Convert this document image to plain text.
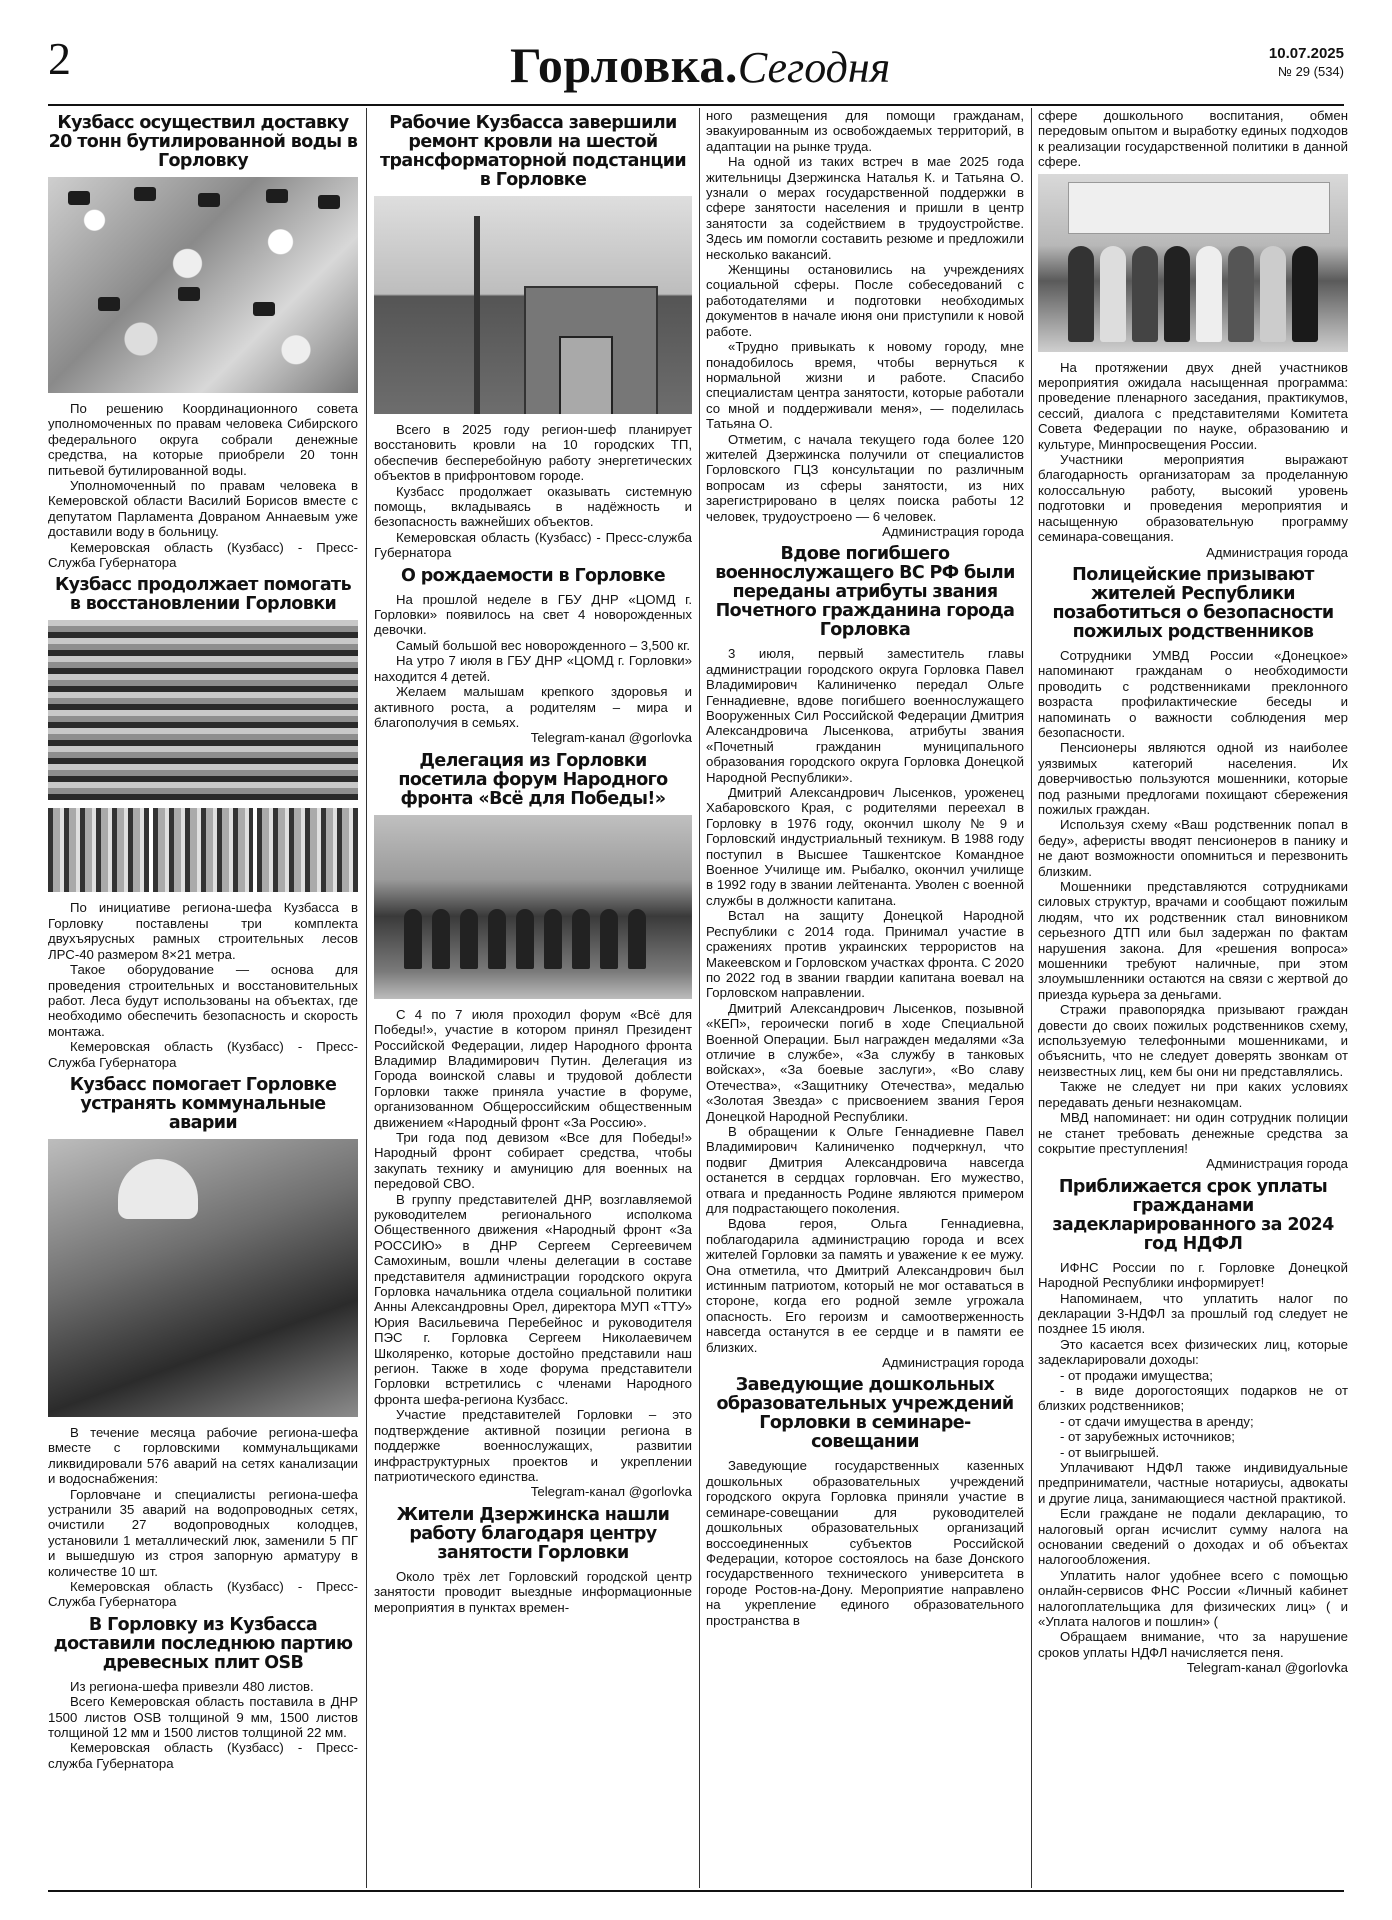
2	Горловка.Сегодня	10.07.2025
№ 29 (534)
Кузбасс осуществил доставку 20 тонн бутилированной воды в Горловку

По решению Координационного совета уполномоченных по правам человека Сибирского федерального округа собрали денежные средства, на которые приобрели 20 тонн питьевой бутилированной воды.

Уполномоченный по правам человека в Кемеровской области Василий Борисов вместе с депутатом Парламента Довраном Аннаевым уже доставили воду в больницу.

Кемеровская область (Кузбасс) - Пресс-Служба Губернатора

Кузбасс продолжает помогать в восстановлении Горловки

По инициативе региона-шефа Кузбасса в Горловку поставлены три комплекта двухъярусных рамных строительных лесов ЛРС-40 размером 8×21 метра.

Такое оборудование — основа для проведения строительных и восстановительных работ. Леса будут использованы на объектах, где необходимо обеспечить безопасность и скорость монтажа.

Кемеровская область (Кузбасс) - Пресс-Служба Губернатора

Кузбасс помогает Горловке устранять коммунальные аварии

В течение месяца рабочие региона-шефа вместе с горловскими коммунальщиками ликвидировали 576 аварий на сетях канализации и водоснабжения:

Горловчане и специалисты региона-шефа устранили 35 аварий на водопроводных сетях, очистили 27 водопроводных колодцев, установили 1 металлический люк, заменили 5 ПГ и вышедшую из строя запорную арматуру в количестве 10 шт.

Кемеровская область (Кузбасс) - Пресс-Служба Губернатора

В Горловку из Кузбасса доставили последнюю партию древесных плит OSB

Из региона-шефа привезли 480 листов.

Всего Кемеровская область поставила в ДНР 1500 листов OSB толщиной 9 мм, 1500 листов толщиной 12 мм и 1500 листов толщиной 22 мм.

Кемеровская область (Кузбасс) - Пресс-служба Губернатора

Рабочие Кузбасса завершили ремонт кровли на шестой трансформаторной подстанции в Горловке

Всего в 2025 году регион-шеф планирует восстановить кровли на 10 городских ТП, обеспечив бесперебойную работу энергетических объектов в прифронтовом городе.

Кузбасс продолжает оказывать системную помощь, вкладываясь в надёжность и безопасность важнейших объектов.

Кемеровская область (Кузбасс) - Пресс-служба Губернатора

О рождаемости в Горловке

На прошлой неделе в ГБУ ДНР «ЦОМД г. Горловки» появилось на свет 4 новорожденных девочки.

Самый большой вес новорожденного – 3,500 кг.

На утро 7 июля в ГБУ ДНР «ЦОМД г. Горловки» находится 4 детей.

Желаем малышам крепкого здоровья и активного роста, а родителям – мира и благополучия в семьях.

Telegram-канал @gorlovka

Делегация из Горловки посетила форум Народного фронта «Всё для Победы!»

С 4 по 7 июля проходил форум «Всё для Победы!», участие в котором принял Президент Российской Федерации, лидер Народного фронта Владимир Владимирович Путин. Делегация из Города воинской славы и трудовой доблести Горловки также приняла участие в форуме, организованном Общероссийским общественным движением «Народный фронт «За Россию».

Три года под девизом «Все для Победы!» Народный фронт собирает средства, чтобы закупать технику и амуницию для военных на передовой СВО.

В группу представителей ДНР, возглавляемой руководителем регионального исполкома Общественного движения «Народный фронт «За РОССИЮ» в ДНР Сергеем Сергеевичем Самохиным, вошли члены делегации в составе представителя администрации городского округа Горловка начальника отдела социальной политики Анны Александровны Орел, директора МУП «ТТУ» Юрия Васильевича Перебейнос и руководителя ПЭС г. Горловка Сергеем Николаевичем Школяренко, которые достойно представили наш регион. Также в ходе форума представители Горловки встретились с членами Народного фронта шефа-региона Кузбасс.

Участие представителей Горловки – это подтверждение активной позиции региона в поддержке военнослужащих, развитии инфраструктурных проектов и укреплении патриотического единства.

Telegram-канал @gorlovka

Жители Дзержинска нашли работу благодаря центру занятости Горловки

Около трёх лет Горловский городской центр занятости проводит выездные информационные мероприятия в пунктах времен-

ного размещения для помощи гражданам, эвакуированным из освобождаемых территорий, в адаптации на рынке труда.

На одной из таких встреч в мае 2025 года жительницы Дзержинска Наталья К. и Татьяна О. узнали о мерах государственной поддержки в сфере занятости населения и пришли в центр занятости за содействием в трудоустройстве. Здесь им помогли составить резюме и предложили несколько вакансий.

Женщины остановились на учреждениях социальной сферы. После собеседований с работодателями и подготовки необходимых документов в начале июня они приступили к новой работе.

«Трудно привыкать к новому городу, мне понадобилось время, чтобы вернуться к нормальной жизни и работе. Спасибо специалистам центра занятости, которые работали со мной и поддерживали меня», — поделилась Татьяна О.

Отметим, с начала текущего года более 120 жителей Дзержинска получили от специалистов Горловского ГЦЗ консультации по различным вопросам из сферы занятости, из них зарегистрировано в целях поиска работы 12 человек, трудоустроено — 6 человек.

Администрация города

Вдове погибшего военнослужащего ВС РФ были переданы атрибуты звания Почетного гражданина города Горловка

3 июля, первый заместитель главы администрации городского округа Горловка Павел Владимирович Калиниченко передал Ольге Геннадиевне, вдове погибшего военнослужащего Вооруженных Сил Российской Федерации Дмитрия Александровича Лысенкова, атрибуты звания «Почетный гражданин муниципального образования городского округа Горловка Донецкой Народной Республики».

Дмитрий Александрович Лысенков, уроженец Хабаровского Края, с родителями переехал в Горловку в 1976 году, окончил школу № 9 и Горловский индустриальный техникум. В 1988 году поступил в Высшее Ташкентское Командное Военное Училище им. Рыбалко, окончил училище в 1992 году в звании лейтенанта. Уволен с военной службы в должности капитана.

Встал на защиту Донецкой Народной Республики с 2014 года. Принимал участие в сражениях против украинских террористов на Макеевском и Горловском участках фронта. С 2020 по 2022 год в звании гвардии капитана воевал на Горловском направлении.

Дмитрий Александрович Лысенков, позывной «КЕП», героически погиб в ходе Специальной Военной Операции. Был награжден медалями «За отличие в службе», «За службу в танковых войсках», «За боевые заслуги», «Во славу Отечества», «Защитнику Отечества», медалью «Золотая Звезда» с присвоением звания Героя Донецкой Народной Республики.

В обращении к Ольге Геннадиевне Павел Владимирович Калиниченко подчеркнул, что подвиг Дмитрия Александровича навсегда останется в сердцах горловчан. Его мужество, отвага и преданность Родине являются примером для подрастающего поколения.

Вдова героя, Ольга Геннадиевна, поблагодарила администрацию города и всех жителей Горловки за память и уважение к ее мужу. Она отметила, что Дмитрий Александрович был истинным патриотом, который не мог оставаться в стороне, когда его родной земле угрожала опасность. Его героизм и самоотверженность навсегда останутся в ее сердце и в памяти ее близких.

Администрация города

Заведующие дошкольных образовательных учреждений Горловки в семинаре-совещании

Заведующие государственных казенных дошкольных образовательных учреждений городского округа Горловка приняли участие в семинаре-совещании для руководителей дошкольных образовательных организаций воссоединенных субъектов Российской Федерации, которое состоялось на базе Донского государственного технического университета в городе Ростов-на-Дону. Мероприятие направлено на укрепление единого образовательного пространства в

сфере дошкольного воспитания, обмен передовым опытом и выработку единых подходов к реализации государственной политики в данной сфере.

На протяжении двух дней участников мероприятия ожидала насыщенная программа: проведение пленарного заседания, практикумов, сессий, диалога с представителями Комитета Совета Федерации по науке, образованию и культуре, Минпросвещения России.

Участники мероприятия выражают благодарность организаторам за проделанную колоссальную работу, высокий уровень подготовки и проведения мероприятия и насыщенную образовательную программу семинара-совещания.

Администрация города

Полицейские призывают жителей Республики позаботиться о безопасности пожилых родственников

Сотрудники УМВД России «Донецкое» напоминают гражданам о необходимости проводить с родственниками преклонного возраста профилактические беседы и напоминать о важности соблюдения мер безопасности.

Пенсионеры являются одной из наиболее уязвимых категорий населения. Их доверчивостью пользуются мошенники, которые под разными предлогами похищают сбережения пожилых граждан.

Используя схему «Ваш родственник попал в беду», аферисты вводят пенсионеров в панику и не дают возможности опомниться и перезвонить близким.

Мошенники представляются сотрудниками силовых структур, врачами и сообщают пожилым людям, что их родственник стал виновником серьезного ДТП или был задержан по фактам нарушения закона. Для «решения вопроса» мошенники требуют наличные, при этом злоумышленники остаются на связи с жертвой до приезда курьера за деньгами.

Стражи правопорядка призывают граждан довести до своих пожилых родственников схему, используемую телефонными мошенниками, и объяснить, что не следует доверять звонкам от неизвестных лиц, кем бы они ни представлялись.

Также не следует ни при каких условиях передавать деньги незнакомцам.

МВД напоминает: ни один сотрудник полиции не станет требовать денежные средства за сокрытие преступления!

Администрация города

Приближается срок уплаты гражданами задекларированного за 2024 год НДФЛ

ИФНС России по г. Горловке Донецкой Народной Республики информирует!

Напоминаем, что уплатить налог по декларации 3-НДФЛ за прошлый год следует не позднее 15 июля.

Это касается всех физических лиц, которые задекларировали доходы:

- от продажи имущества;

- в виде дорогостоящих подарков не от близких родственников;

- от сдачи имущества в аренду;

- от зарубежных источников;

- от выигрышей.

Уплачивают НДФЛ также индивидуальные предприниматели, частные нотариусы, адвокаты и другие лица, занимающиеся частной практикой.

Если граждане не подали декларацию, то налоговый орган исчислит сумму налога на основании сведений о доходах и об объектах налогообложения.

Уплатить налог удобнее всего с помощью онлайн-сервисов ФНС России «Личный кабинет налогоплательщика для физических лиц» ( и «Уплата налогов и пошлин» (

Обращаем внимание, что за нарушение сроков уплаты НДФЛ начисляется пеня.

Telegram-канал @gorlovka
